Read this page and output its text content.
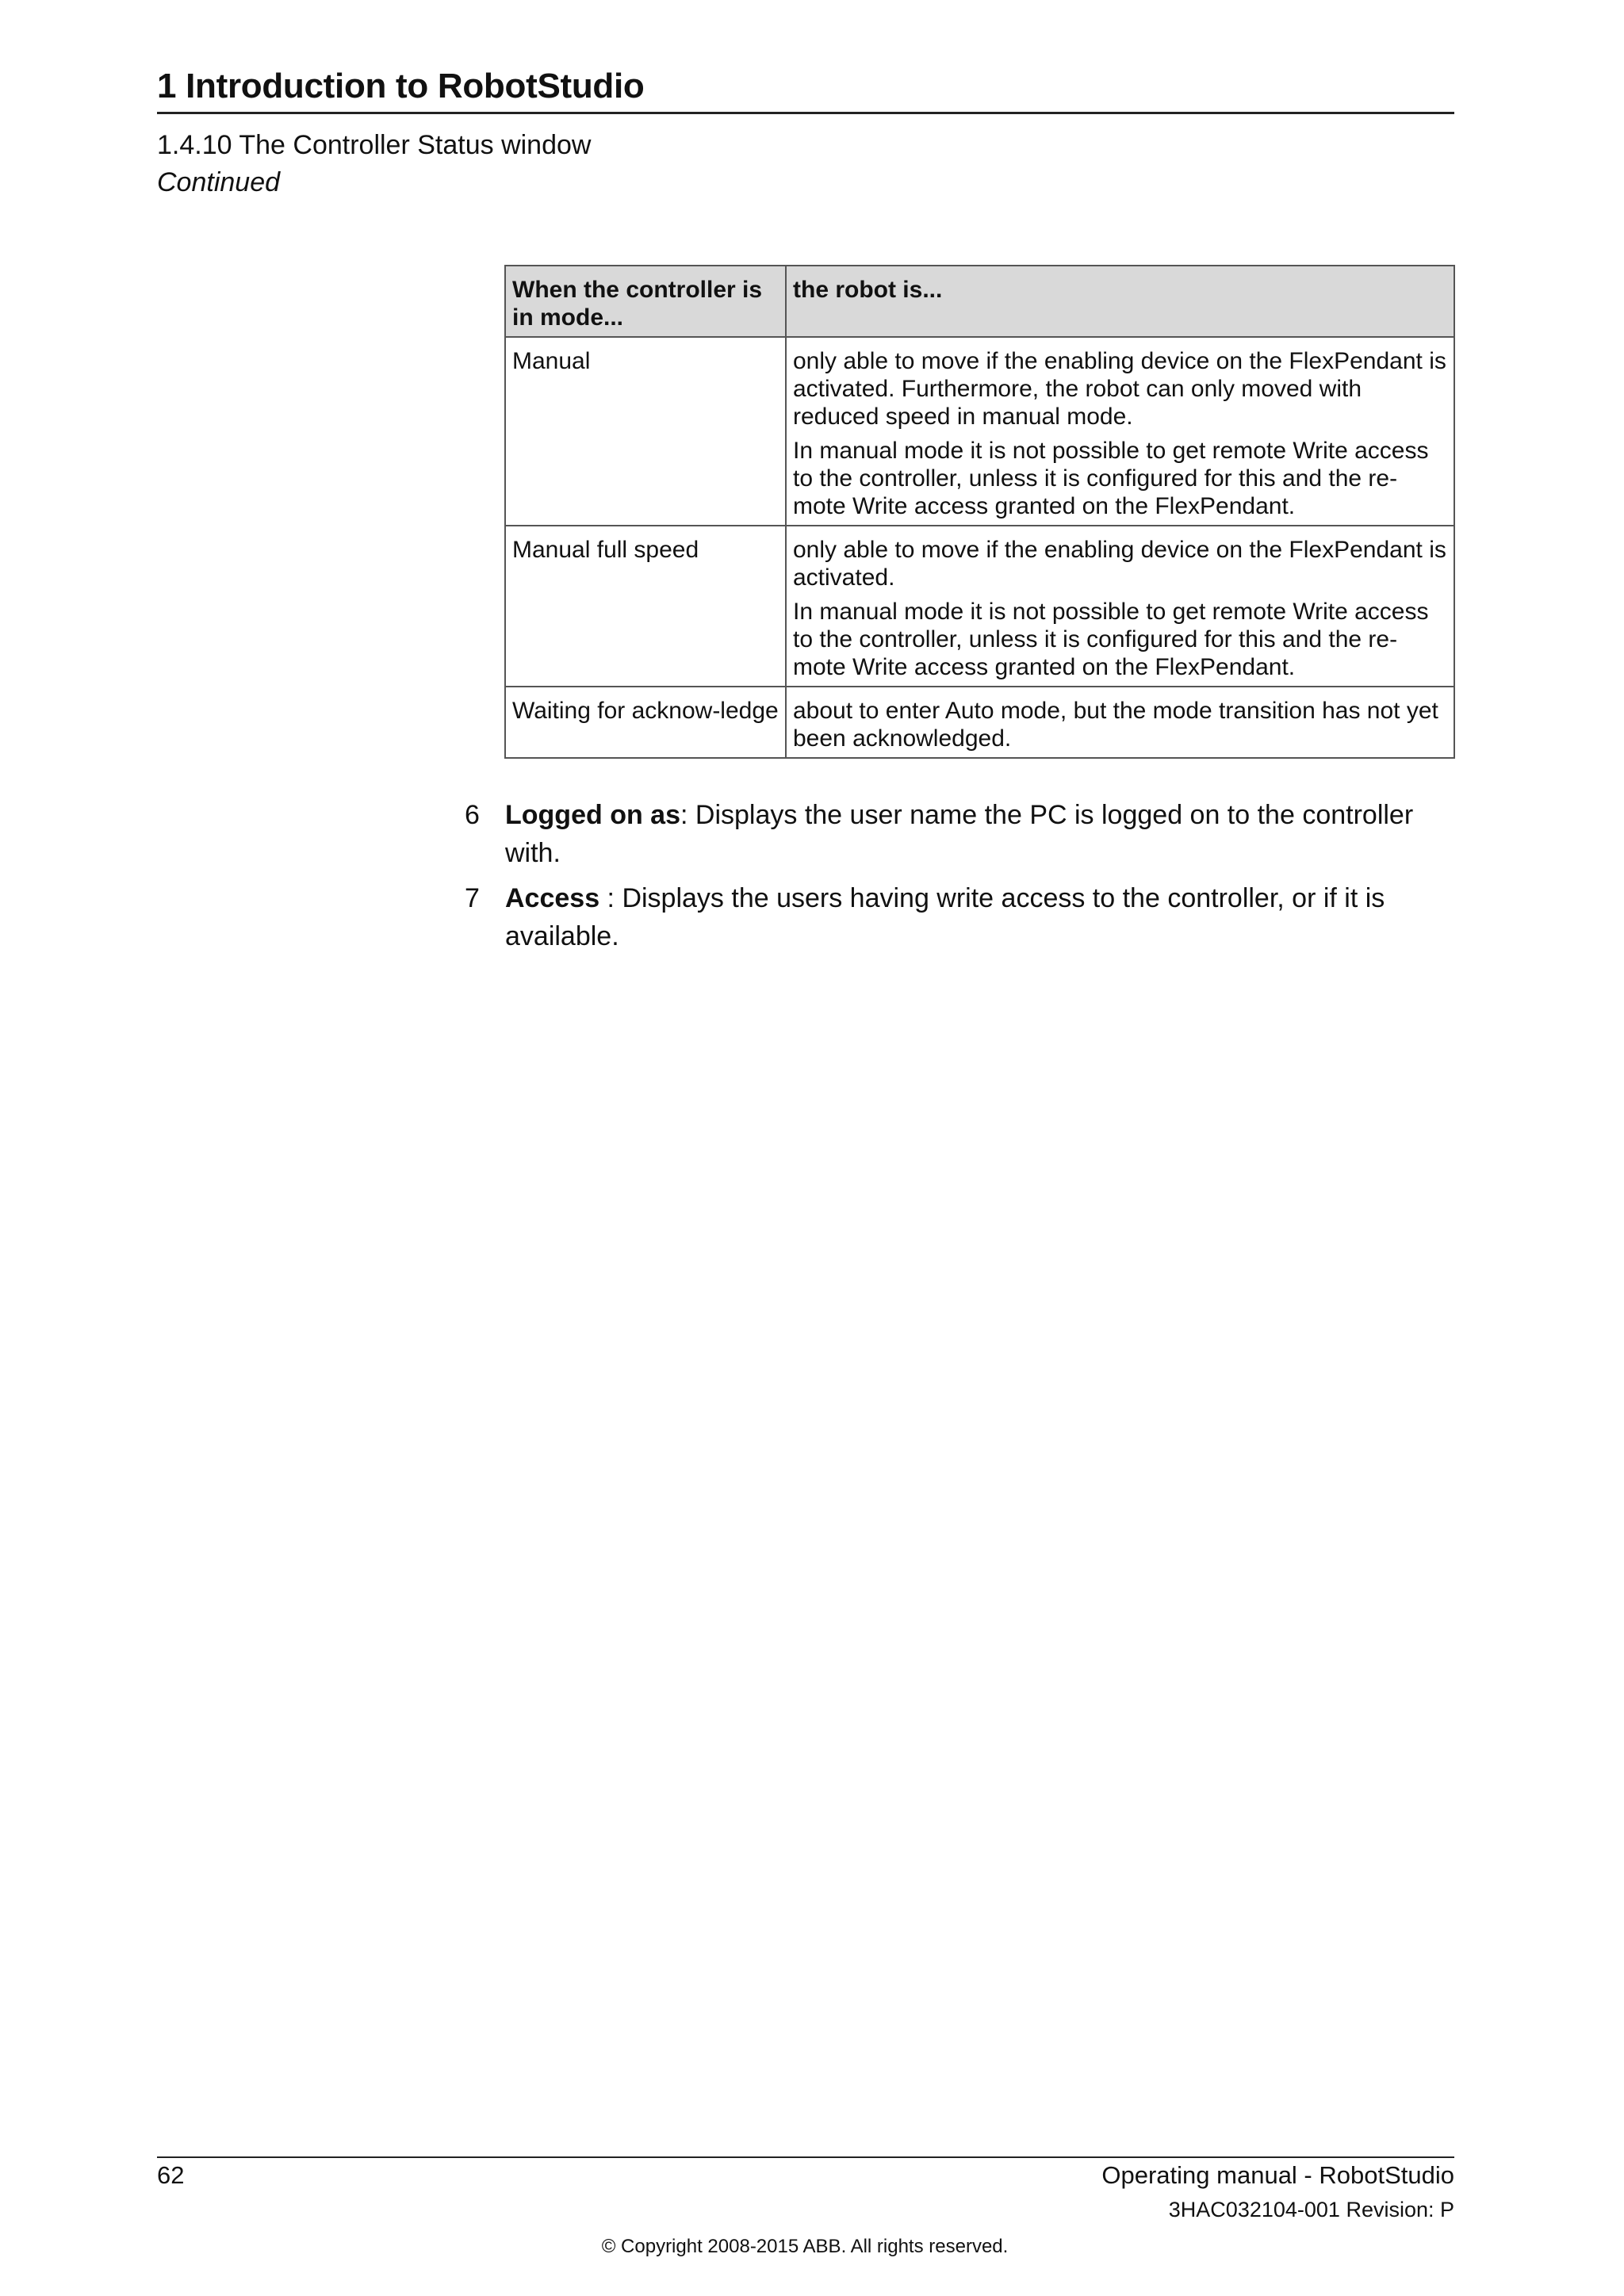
1 Introduction to RobotStudio
1.4.10 The Controller Status window
Continued
When the controller is in mode...	the robot is...
Manual	only able to move if the enabling device on the FlexPendant is activated. Furthermore, the robot can only moved with reduced speed in manual mode.

In manual mode it is not possible to get remote Write access to the controller, unless it is configured for this and the re-mote Write access granted on the FlexPendant.

Manual full speed	only able to move if the enabling device on the FlexPendant is activated.

In manual mode it is not possible to get remote Write access to the controller, unless it is configured for this and the re-mote Write access granted on the FlexPendant.

Waiting for acknow-ledge	about to enter Auto mode, but the mode transition has not yet been acknowledged.

6 Logged on as: Displays the user name the PC is logged on to the controller with.
7 Access : Displays the users having write access to the controller, or if it is available.
62	Operating manual - RobotStudio
3HAC032104-001 Revision: P
© Copyright 2008-2015 ABB. All rights reserved.
